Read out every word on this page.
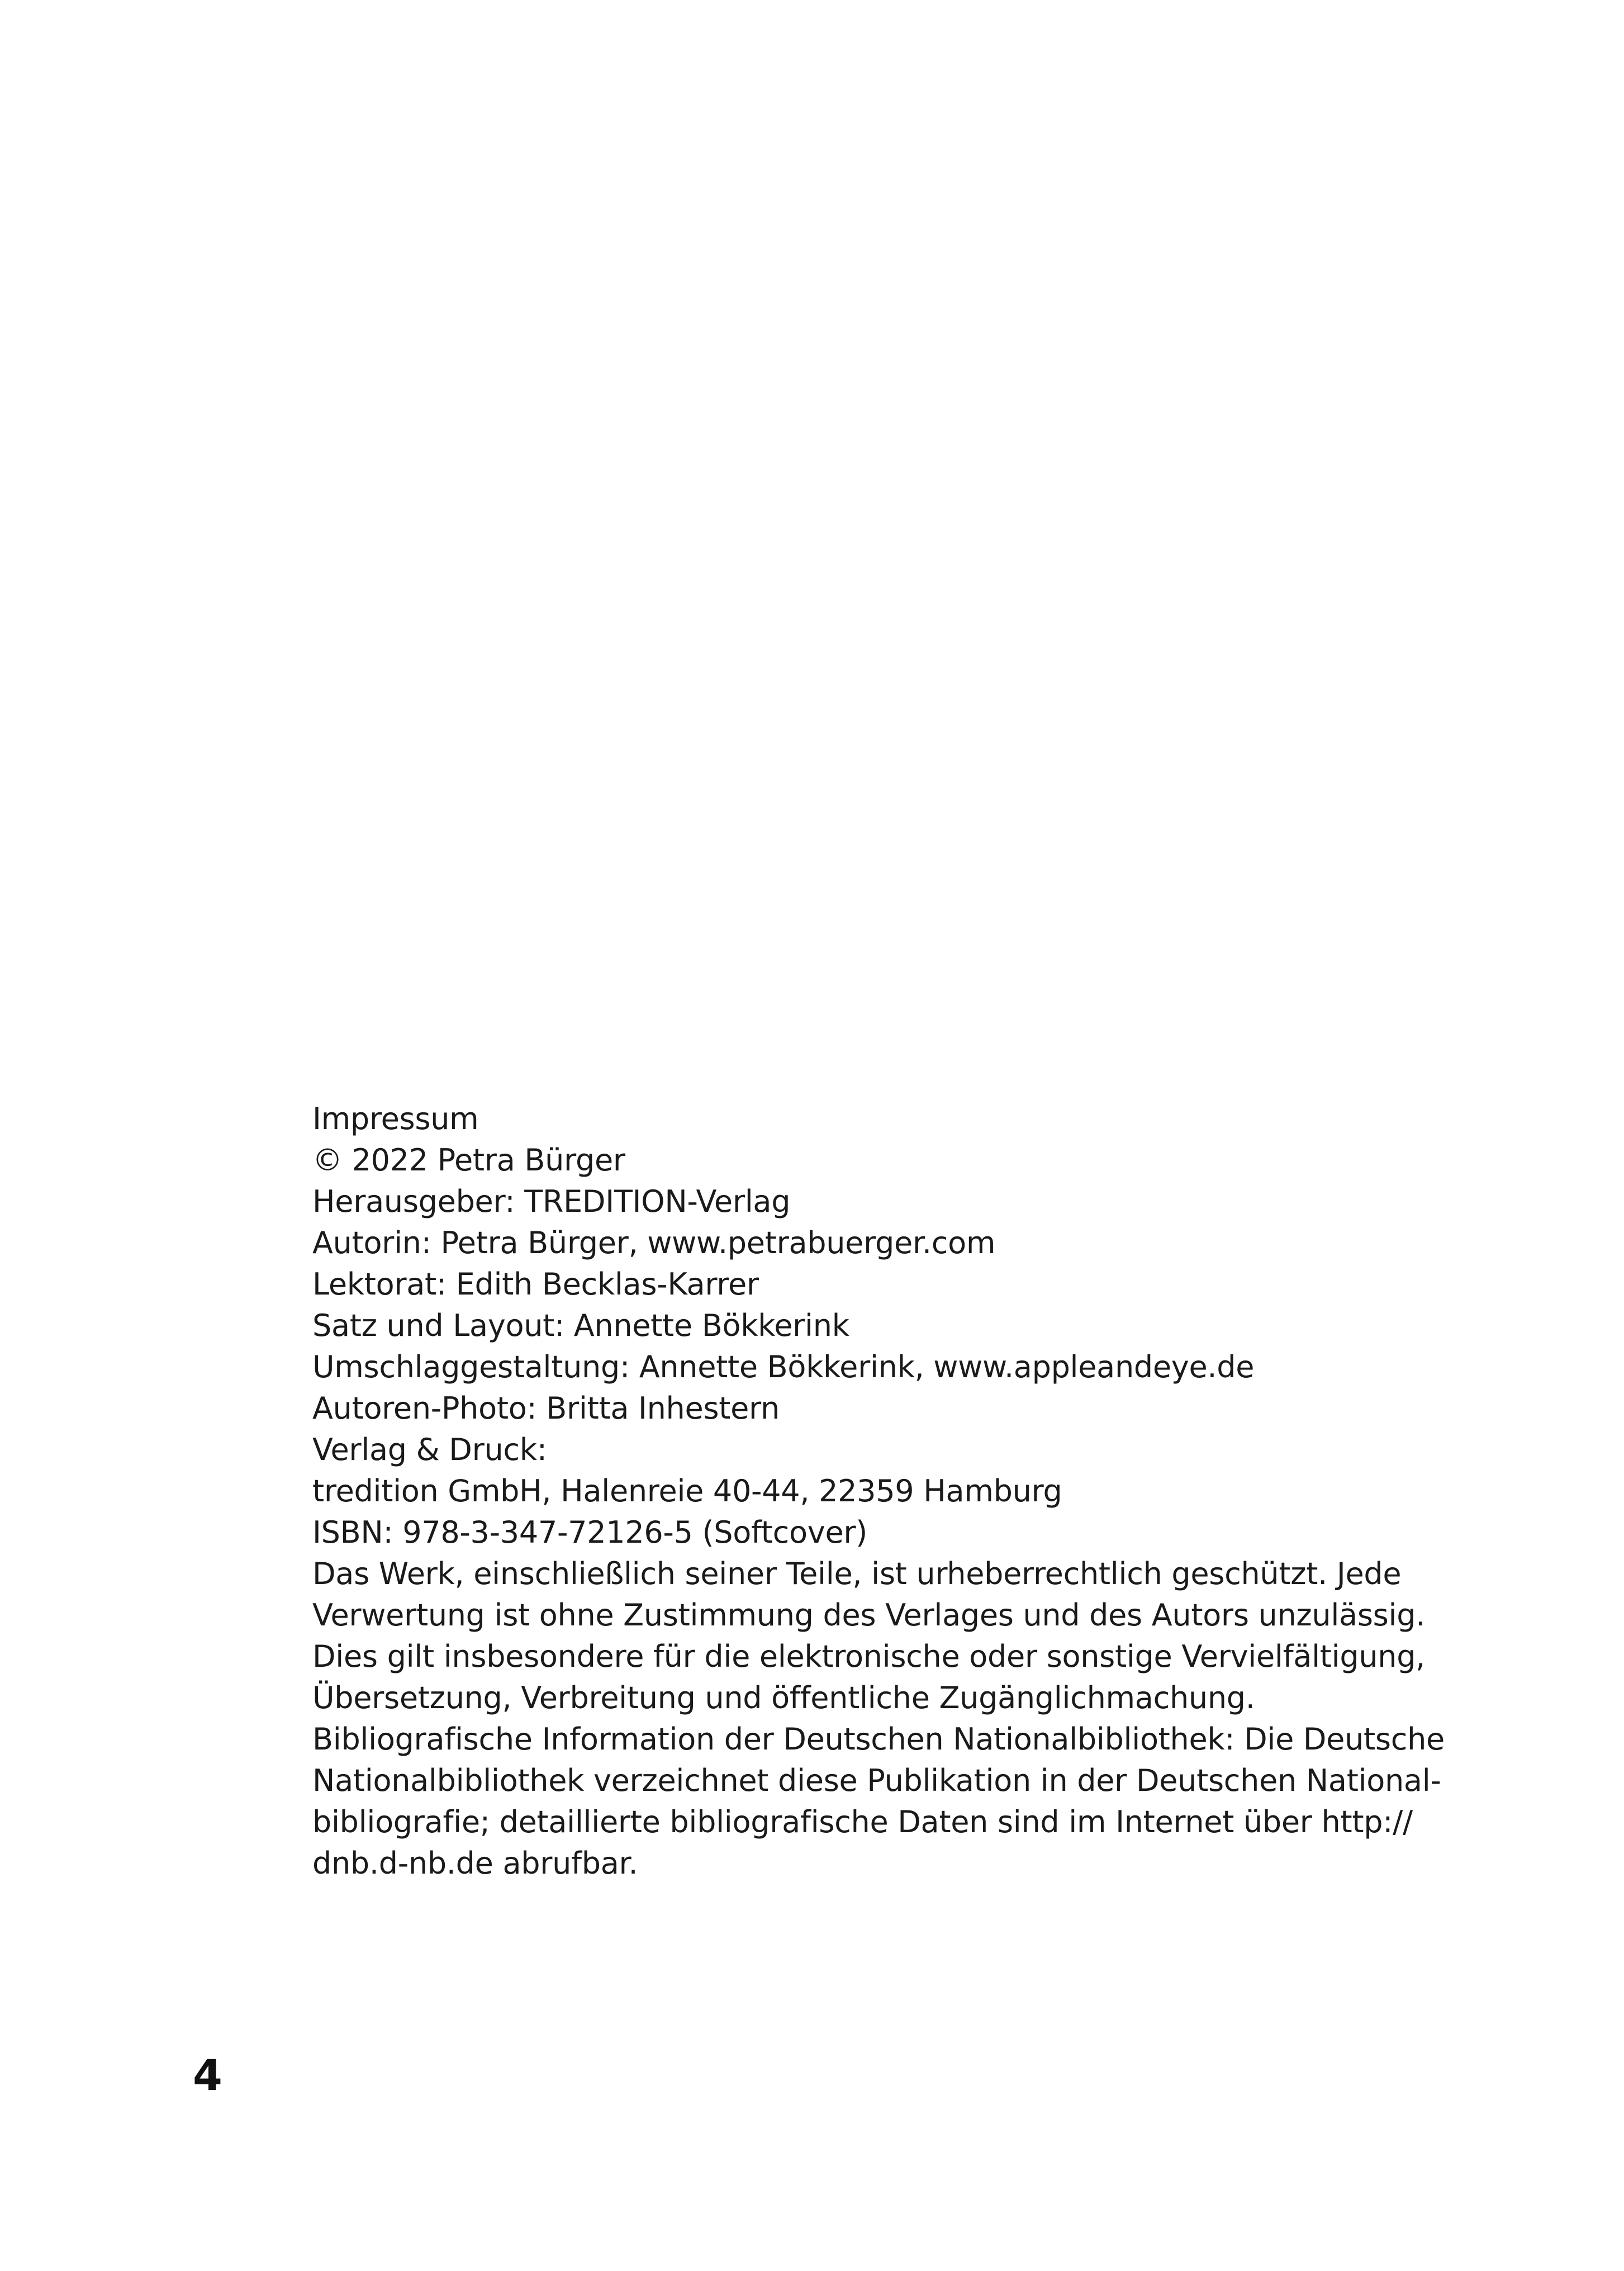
Impressum
© 2022 Petra Bürger
Herausgeber: TREDITION-Verlag
Autorin: Petra Bürger, www.petrabuerger.com
Lektorat: Edith Becklas-Karrer
Satz und Layout: Annette Bökkerink
Umschlaggestaltung: Annette Bökkerink, www.appleandeye.de
Autoren-Photo: Britta Inhestern
Verlag & Druck:
tredition GmbH, Halenreie 40-44, 22359 Hamburg
ISBN: 978-3-347-72126-5 (Softcover)
Das Werk, einschließlich seiner Teile, ist urheberrechtlich geschützt. Jede
Verwertung ist ohne Zustimmung des Verlages und des Autors unzulässig.
Dies gilt insbesondere für die elektronische oder sonstige Vervielfältigung,
Übersetzung, Verbreitung und öffentliche Zugänglichmachung.
Bibliografische Information der Deutschen Nationalbibliothek: Die Deutsche
Nationalbibliothek verzeichnet diese Publikation in der Deutschen National-
bibliografie; detaillierte bibliografische Daten sind im Internet über http://
dnb.d-nb.de abrufbar.
4
